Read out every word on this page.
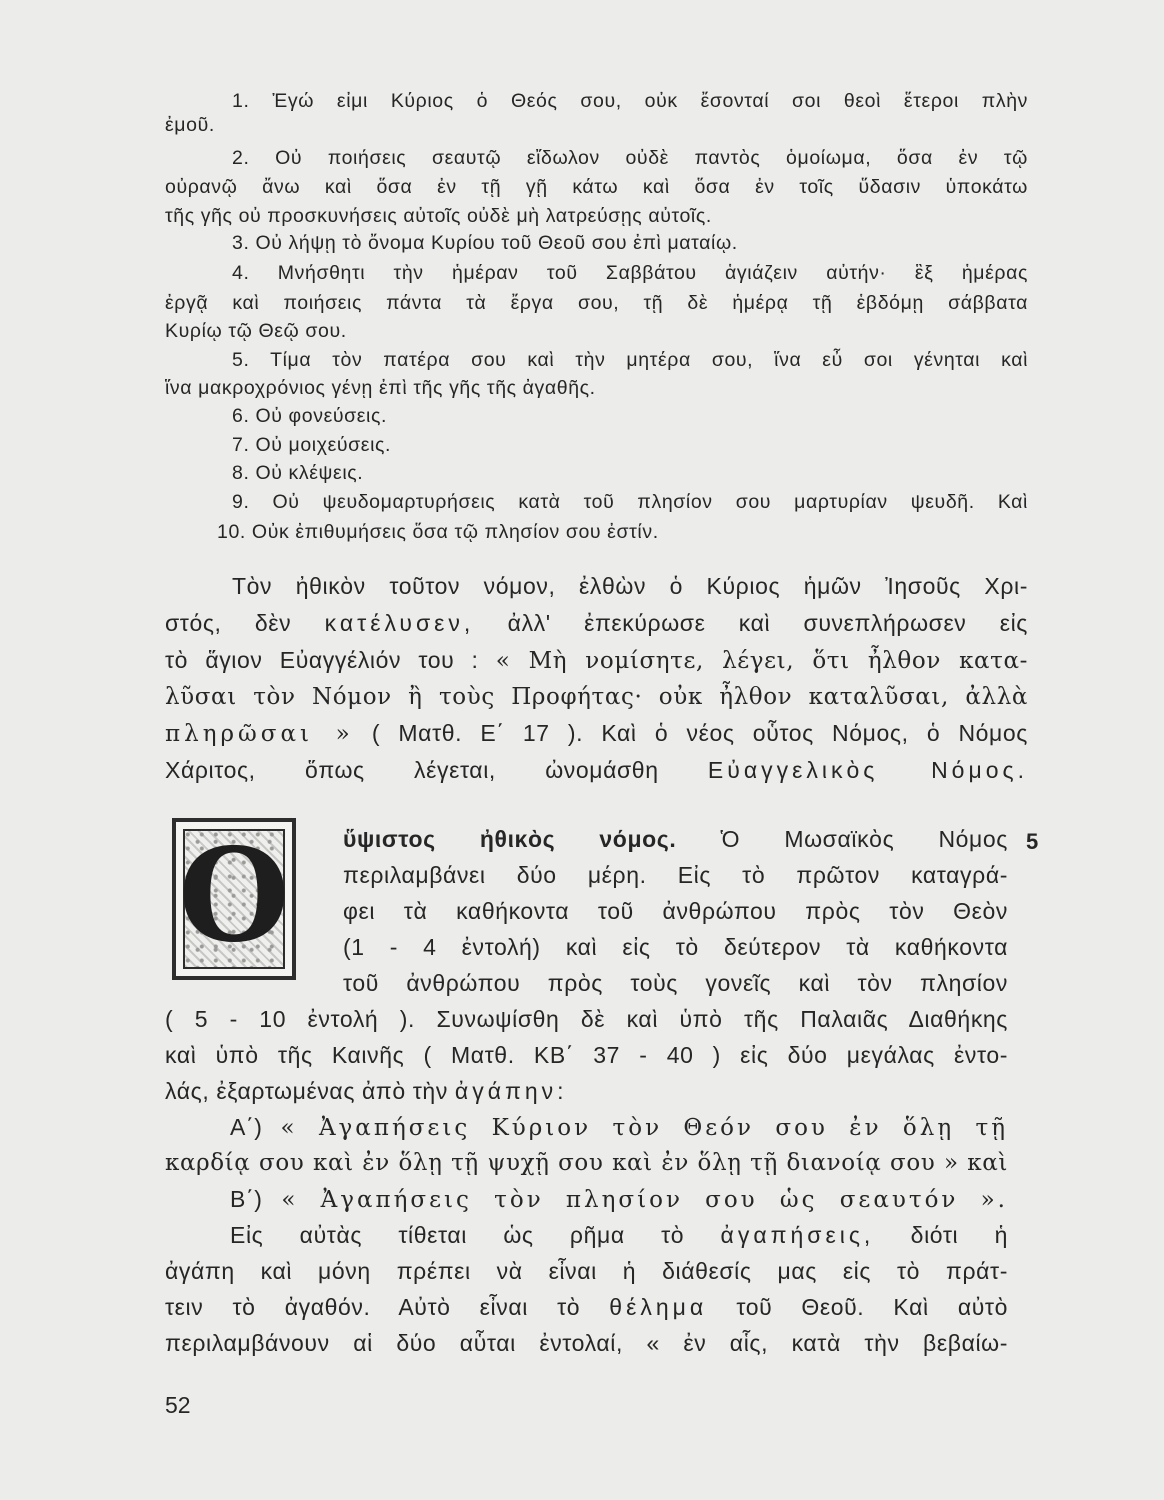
1. Ἐγώ εἰμι Κύριος ὁ Θεός σου, οὐκ ἔσονταί σοι θεοὶ ἕτεροι πλὴν
ἐμοῦ.
2. Οὐ ποιήσεις σεαυτῷ εἴδωλον οὐδὲ παντὸς ὁμοίωμα, ὅσα ἐν τῷ
οὐρανῷ ἄνω καὶ ὅσα ἐν τῇ γῇ κάτω καὶ ὅσα ἐν τοῖς ὕδασιν ὑποκάτω
τῆς γῆς οὐ προσκυνήσεις αὐτοῖς οὐδὲ μὴ λατρεύσῃς αὐτοῖς.
3. Οὐ λήψῃ τὸ ὄνομα Κυρίου τοῦ Θεοῦ σου ἐπὶ ματαίῳ.
4. Μνήσθητι τὴν ἡμέραν τοῦ Σαββάτου ἁγιάζειν αὐτήν· ἓξ ἡμέρας
ἐργᾷ καὶ ποιήσεις πάντα τὰ ἔργα σου, τῇ δὲ ἡμέρᾳ τῇ ἑβδόμῃ σάββατα
Κυρίῳ τῷ Θεῷ σου.
5. Τίμα τὸν πατέρα σου καὶ τὴν μητέρα σου, ἵνα εὖ σοι γένηται καὶ
ἵνα μακροχρόνιος γένῃ ἐπὶ τῆς γῆς τῆς ἀγαθῆς.
6. Οὐ φονεύσεις.
7. Οὐ μοιχεύσεις.
8. Οὐ κλέψεις.
9. Οὐ ψευδομαρτυρήσεις κατὰ τοῦ πλησίον σου μαρτυρίαν ψευδῆ. Καὶ
10. Οὐκ ἐπιθυμήσεις ὅσα τῷ πλησίον σου ἐστίν.
Τὸν ἠθικὸν τοῦτον νόμον, ἐλθὼν ὁ Κύριος ἡμῶν Ἰησοῦς Χρι-
στός, δὲν κατέλυσεν, ἀλλ' ἐπεκύρωσε καὶ συνεπλήρωσεν εἰς
τὸ ἅγιον Εὐαγγέλιόν του : « Μὴ νομίσητε, λέγει, ὅτι ἦλθον κατα-
λῦσαι τὸν Νόμον ἢ τοὺς Προφήτας· οὐκ ἦλθον καταλῦσαι, ἀλλὰ
πληρῶσαι » ( Ματθ. Ε΄ 17 ). Καὶ ὁ νέος οὗτος Νόμος, ὁ Νόμος
Χάριτος, ὅπως λέγεται, ὠνομάσθη Εὐαγγελικὸς Νόμος.
O	5
ὕψιστος ἠθικὸς νόμος. Ὁ Μωσαϊκὸς Νόμος
περιλαμβάνει δύο μέρη. Εἰς τὸ πρῶτον καταγρά-
φει τὰ καθήκοντα τοῦ ἀνθρώπου πρὸς τὸν Θεὸν
(1 - 4 ἐντολή) καὶ εἰς τὸ δεύτερον τὰ καθήκοντα
τοῦ ἀνθρώπου πρὸς τοὺς γονεῖς καὶ τὸν πλησίον
( 5 - 10 ἐντολή ). Συνωψίσθη δὲ καὶ ὑπὸ τῆς Παλαιᾶς Διαθήκης
καὶ ὑπὸ τῆς Καινῆς ( Ματθ. ΚΒ΄ 37 - 40 ) εἰς δύο μεγάλας ἐντο-
λάς, ἐξαρτωμένας ἀπὸ τὴν ἀγάπην:
Α΄) « Ἀγαπήσεις Κύριον τὸν Θεόν σου ἐν ὅλῃ τῇ
καρδίᾳ σου καὶ ἐν ὅλῃ τῇ ψυχῇ σου καὶ ἐν ὅλῃ τῇ διανοίᾳ σου » καὶ
Β΄) « Ἀγαπήσεις τὸν πλησίον σου ὡς σεαυτόν ».
Εἰς αὐτὰς τίθεται ὡς ρῆμα τὸ ἀγαπήσεις, διότι ἡ
ἀγάπη καὶ μόνη πρέπει νὰ εἶναι ἡ διάθεσίς μας εἰς τὸ πράτ-
τειν τὸ ἀγαθόν. Αὐτὸ εἶναι τὸ θέλημα τοῦ Θεοῦ. Καὶ αὐτὸ
περιλαμβάνουν αἱ δύο αὗται ἐντολαί, « ἐν αἷς, κατὰ τὴν βεβαίω-
52
